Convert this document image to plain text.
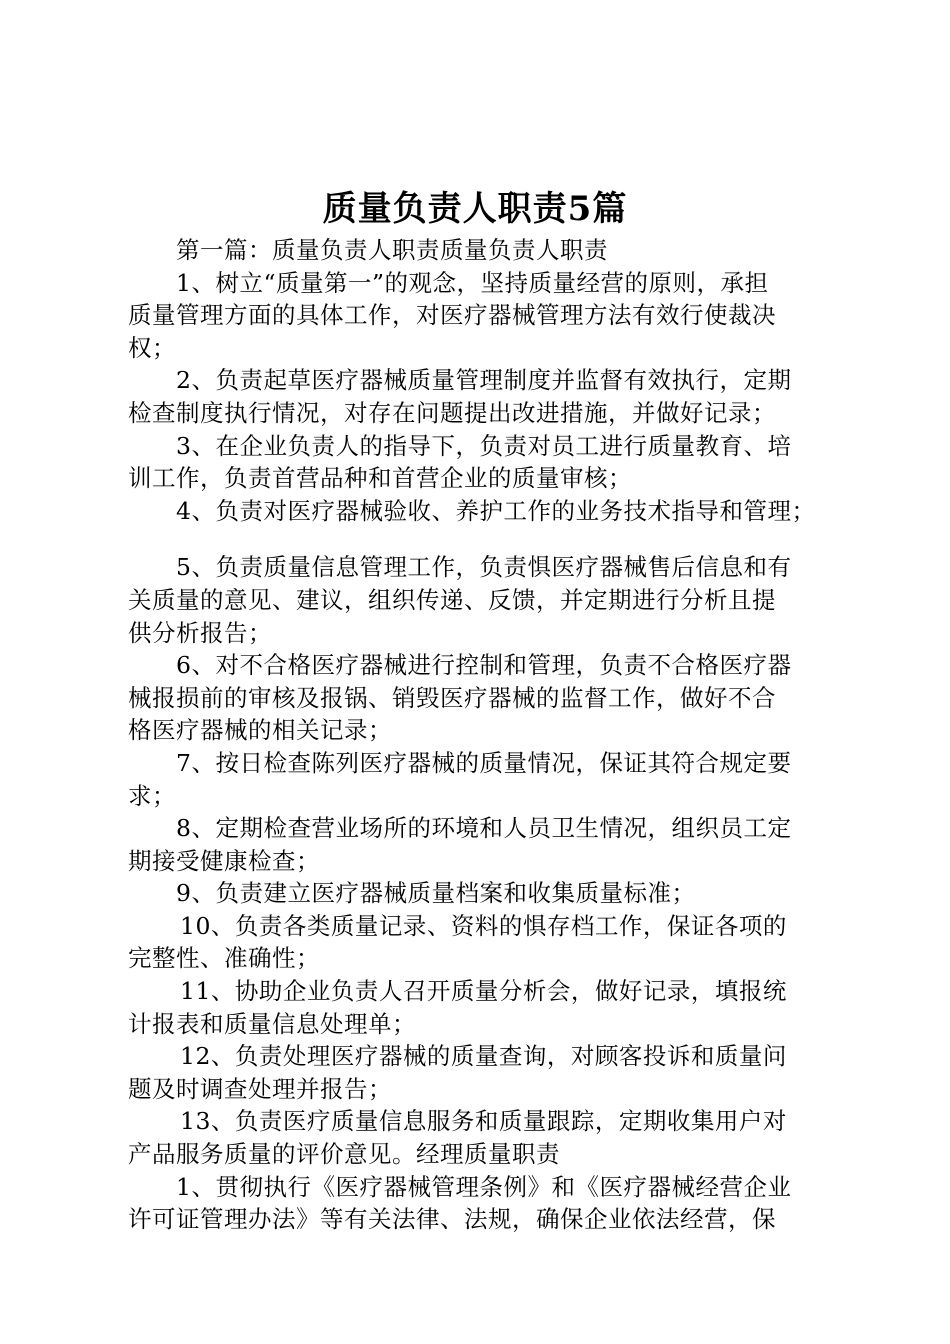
质量负责人职责5篇

第一篇：质量负责人职责质量负责人职责

1、树立“质量第一”的观念，坚持质量经营的原则，承担
质量管理方面的具体工作，对医疗器械管理方法有效行使裁决
权；

2、负责起草医疗器械质量管理制度并监督有效执行，定期
检查制度执行情况，对存在问题提出改进措施，并做好记录；

3、在企业负责人的指导下，负责对员工进行质量教育、培
训工作，负责首营品种和首营企业的质量审核；

4、负责对医疗器械验收、养护工作的业务技术指导和管理；

5、负责质量信息管理工作，负责惧医疗器械售后信息和有
关质量的意见、建议，组织传递、反馈，并定期进行分析且提
供分析报告；

6、对不合格医疗器械进行控制和管理，负责不合格医疗器
械报损前的审核及报锅、销毁医疗器械的监督工作，做好不合
格医疗器械的相关记录；

7、按日检查陈列医疗器械的质量情况，保证其符合规定要
求；

8、定期检查营业场所的环境和人员卫生情况，组织员工定
期接受健康检查；

9、负责建立医疗器械质量档案和收集质量标准；

10、负责各类质量记录、资料的惧存档工作，保证各项的
完整性、准确性；

11、协助企业负责人召开质量分析会，做好记录，填报统
计报表和质量信息处理单；

12、负责处理医疗器械的质量查询，对顾客投诉和质量问
题及时调查处理并报告；

13、负责医疗质量信息服务和质量跟踪，定期收集用户对
产品服务质量的评价意见。经理质量职责

1、贯彻执行《医疗器械管理条例》和《医疗器械经营企业
许可证管理办法》等有关法律、法规，确保企业依法经营，保
